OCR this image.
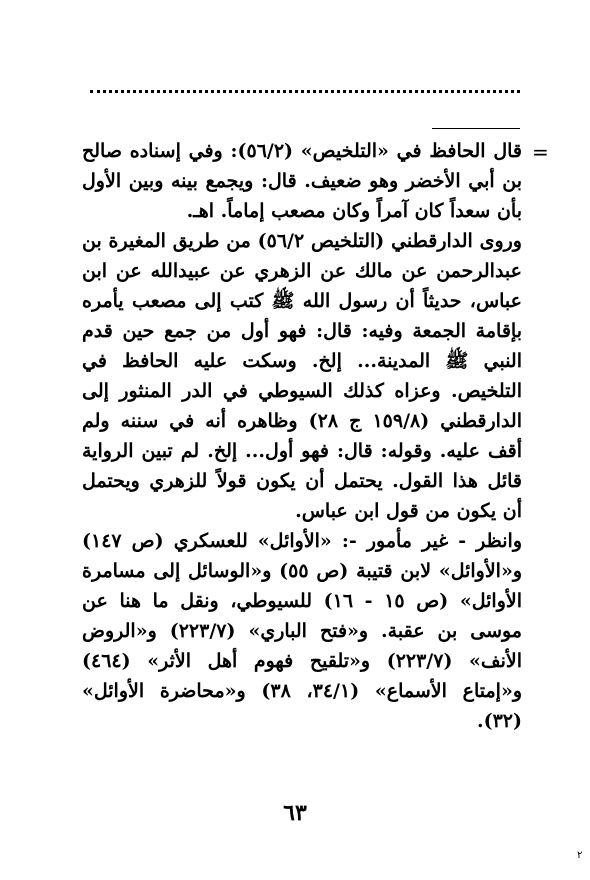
=

قال الحافظ في «التلخيص» (٥٦/٢): وفي إسناده صالح بن أبي الأخضر وهو ضعيف. قال: ويجمع بينه وبين الأول بأن سعداً كان آمراً وكان مصعب إماماً. اهـ.

وروى الدارقطني (التلخيص ٥٦/٢) من طريق المغيرة بن عبدالرحمن عن مالك عن الزهري عن عبيدالله عن ابن عباس، حديثاً أن رسول الله ﷺ كتب إلى مصعب يأمره بإقامة الجمعة وفيه: قال: فهو أول من جمع حين قدم النبي ﷺ المدينة... إلخ. وسكت عليه الحافظ في التلخيص. وعزاه كذلك السيوطي في الدر المنثور إلى الدارقطني (١٥٩/٨ ج ٢٨) وظاهره أنه في سننه ولم أقف عليه. وقوله: قال: فهو أول... إلخ. لم تبين الرواية قائل هذا القول. يحتمل أن يكون قولاً للزهري ويحتمل أن يكون من قول ابن عباس.

وانظر - غير مأمور -: «الأوائل» للعسكري (ص ١٤٧) و«الأوائل» لابن قتيبة (ص ٥٥) و«الوسائل إلى مسامرة الأوائل» (ص ١٥ - ١٦) للسيوطي، ونقل ما هنا عن موسى بن عقبة. و«فتح الباري» (٢٢٣/٧) و«الروض الأنف» (٢٢٣/٧) و«تلقيح فهوم أهل الأثر» (٤٦٤) و«إمتاع الأسماع» (٣٤/١، ٣٨) و«محاضرة الأوائل» (٣٢).

٦٣
٢
